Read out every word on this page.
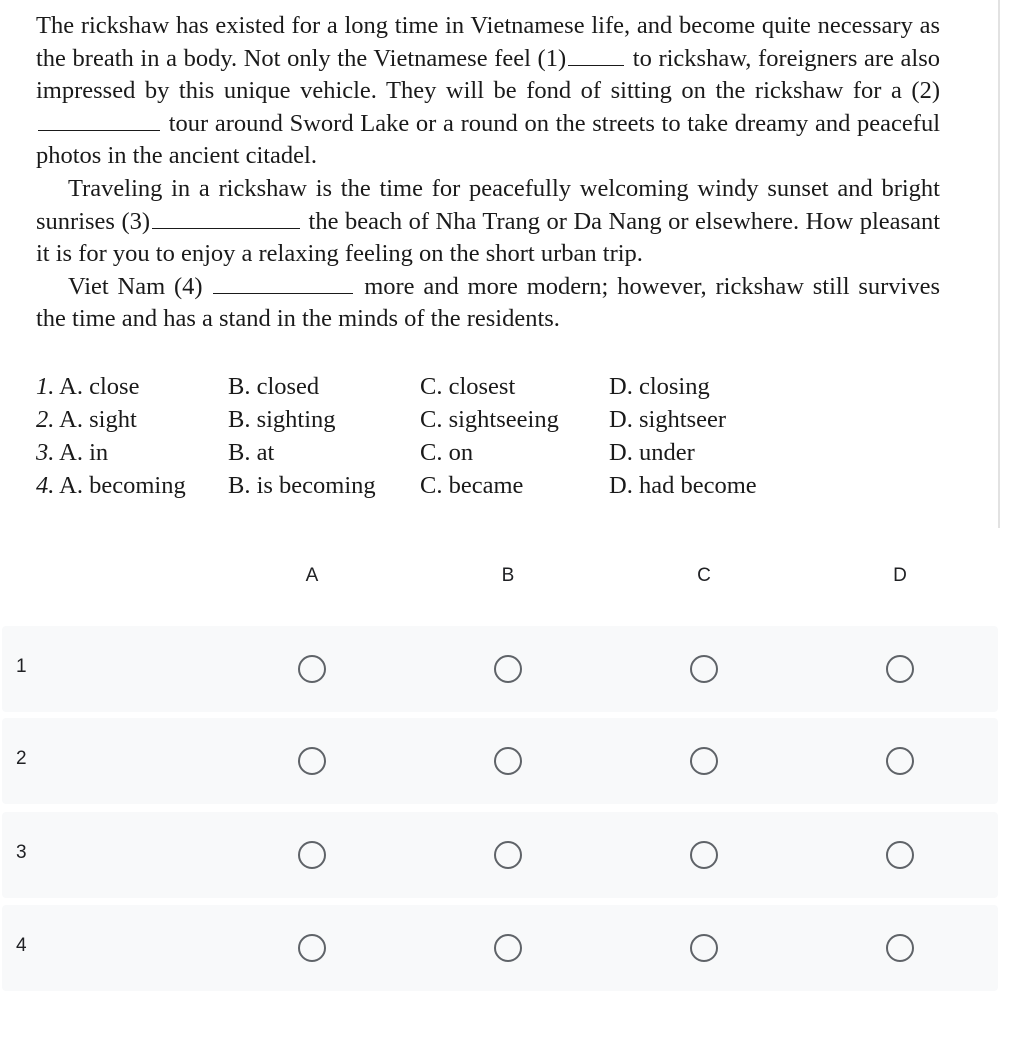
The rickshaw has existed for a long time in Vietnamese life, and become quite necessary as the breath in a body. Not only the Vietnamese feel (1)	to rickshaw, foreigners are also impressed by this unique vehicle. They will be fond of sitting on the rickshaw for a (2) tour around Sword Lake or a round on the streets to take dreamy and peaceful photos in the ancient citadel.

Traveling in a rickshaw is the time for peacefully welcoming windy sunset and bright sunrises (3)	the beach of Nha Trang or Da Nang or elsewhere. How pleasant it is for you to enjoy a relaxing feeling on the short urban trip.

Viet Nam (4)	more and more modern; however, rickshaw still survives the time and has a stand in the minds of the residents.

1. A. close	B. closed	C. closest	D. closing
2. A. sight	B. sighting	C. sightseeing	D. sightseer
3. A. in	B. at	C. on	D. under
4. A. becoming	B. is becoming	C. became	D. had become
A	B	C	D
1
2
3
4
